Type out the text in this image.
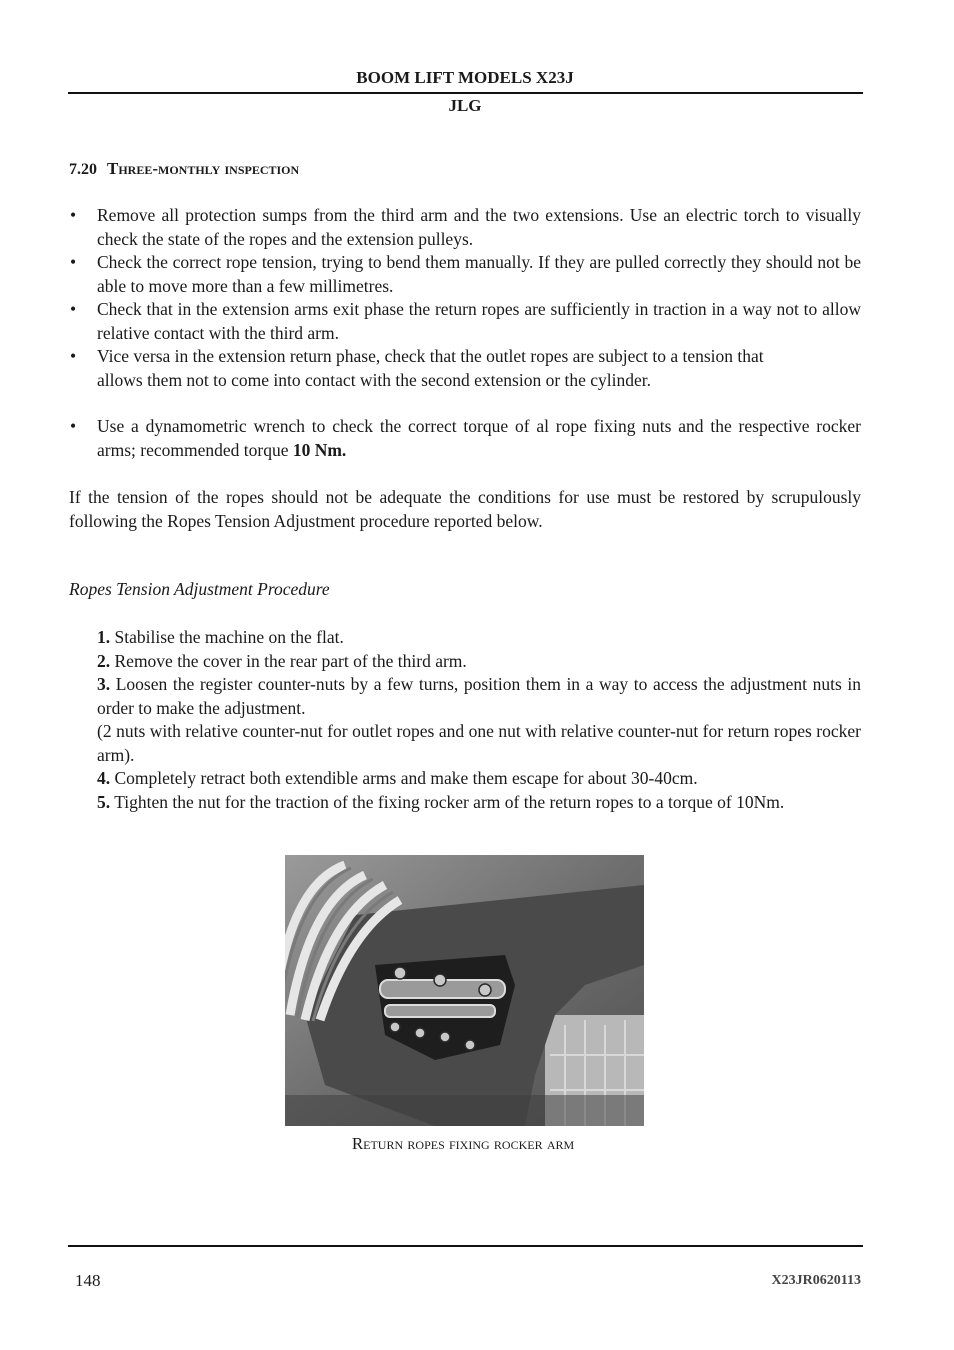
BOOM LIFT MODELS X23J
JLG
7.20 Three-monthly inspection
• Remove all protection sumps from the third arm and the two extensions. Use an electric torch to visually check the state of the ropes and the extension pulleys.
• Check the correct rope tension, trying to bend them manually. If they are pulled correctly they should not be able to move more than a few millimetres.
• Check that in the extension arms exit phase the return ropes are sufficiently in traction in a way not to allow relative contact with the third arm.
• Vice versa in the extension return phase, check that the outlet ropes are subject to a tension that allows them not to come into contact with the second extension or the cylinder.
• Use a dynamometric wrench to check the correct torque of al rope fixing nuts and the respective rocker arms; recommended torque 10 Nm.
If the tension of the ropes should not be adequate the conditions for use must be restored by scrupulously following the Ropes Tension Adjustment procedure reported below.
Ropes Tension Adjustment Procedure
1. Stabilise the machine on the flat.
2. Remove the cover in the rear part of the third arm.
3. Loosen the register counter-nuts by a few turns, position them in a way to access the adjustment nuts in order to make the adjustment.
(2 nuts with relative counter-nut for outlet ropes and one nut with relative counter-nut for return ropes rocker arm).
4. Completely retract both extendible arms and make them escape for about 30-40cm.
5. Tighten the nut for the traction of the fixing rocker arm of the return ropes to a torque of 10Nm.
Return ropes fixing rocker arm
148	X23JR0620113
